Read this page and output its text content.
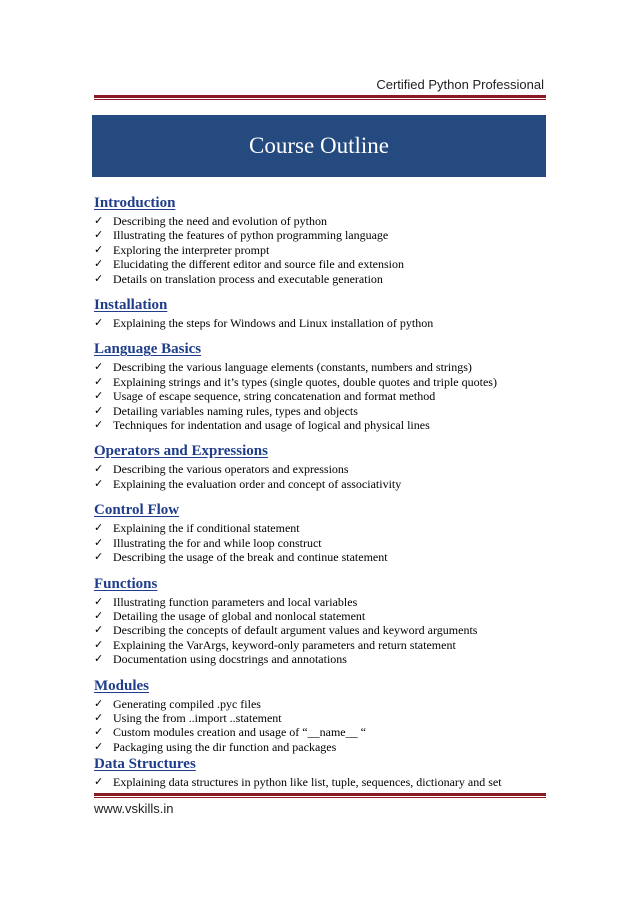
Certified Python Professional
Course Outline
Introduction
✓ Describing the need and evolution of python
✓ Illustrating the features of python programming language
✓ Exploring the interpreter prompt
✓ Elucidating the different editor and source file and extension
✓ Details on translation process and executable generation
Installation
✓ Explaining the steps for Windows and Linux installation of python
Language Basics
✓ Describing the various language elements (constants, numbers and strings)
✓ Explaining strings and it’s types (single quotes, double quotes and triple quotes)
✓ Usage of escape sequence, string concatenation and format method
✓ Detailing variables naming rules, types and objects
✓ Techniques for indentation and usage of logical and physical lines
Operators and Expressions
✓ Describing the various operators and expressions
✓ Explaining the evaluation order and concept of associativity
Control Flow
✓ Explaining the if conditional statement
✓ Illustrating the for and while loop construct
✓ Describing the usage of the break and continue statement
Functions
✓ Illustrating function parameters and local variables
✓ Detailing the usage of global and nonlocal statement
✓ Describing the concepts of default argument values and keyword arguments
✓ Explaining the VarArgs, keyword-only parameters and return statement
✓ Documentation using docstrings and annotations
Modules
✓ Generating compiled .pyc files
✓ Using the from ..import ..statement
✓ Custom modules creation and usage of “__name__ “
✓ Packaging using the dir function and packages
Data Structures
✓ Explaining data structures in python like list, tuple, sequences, dictionary and set
www.vskills.in
